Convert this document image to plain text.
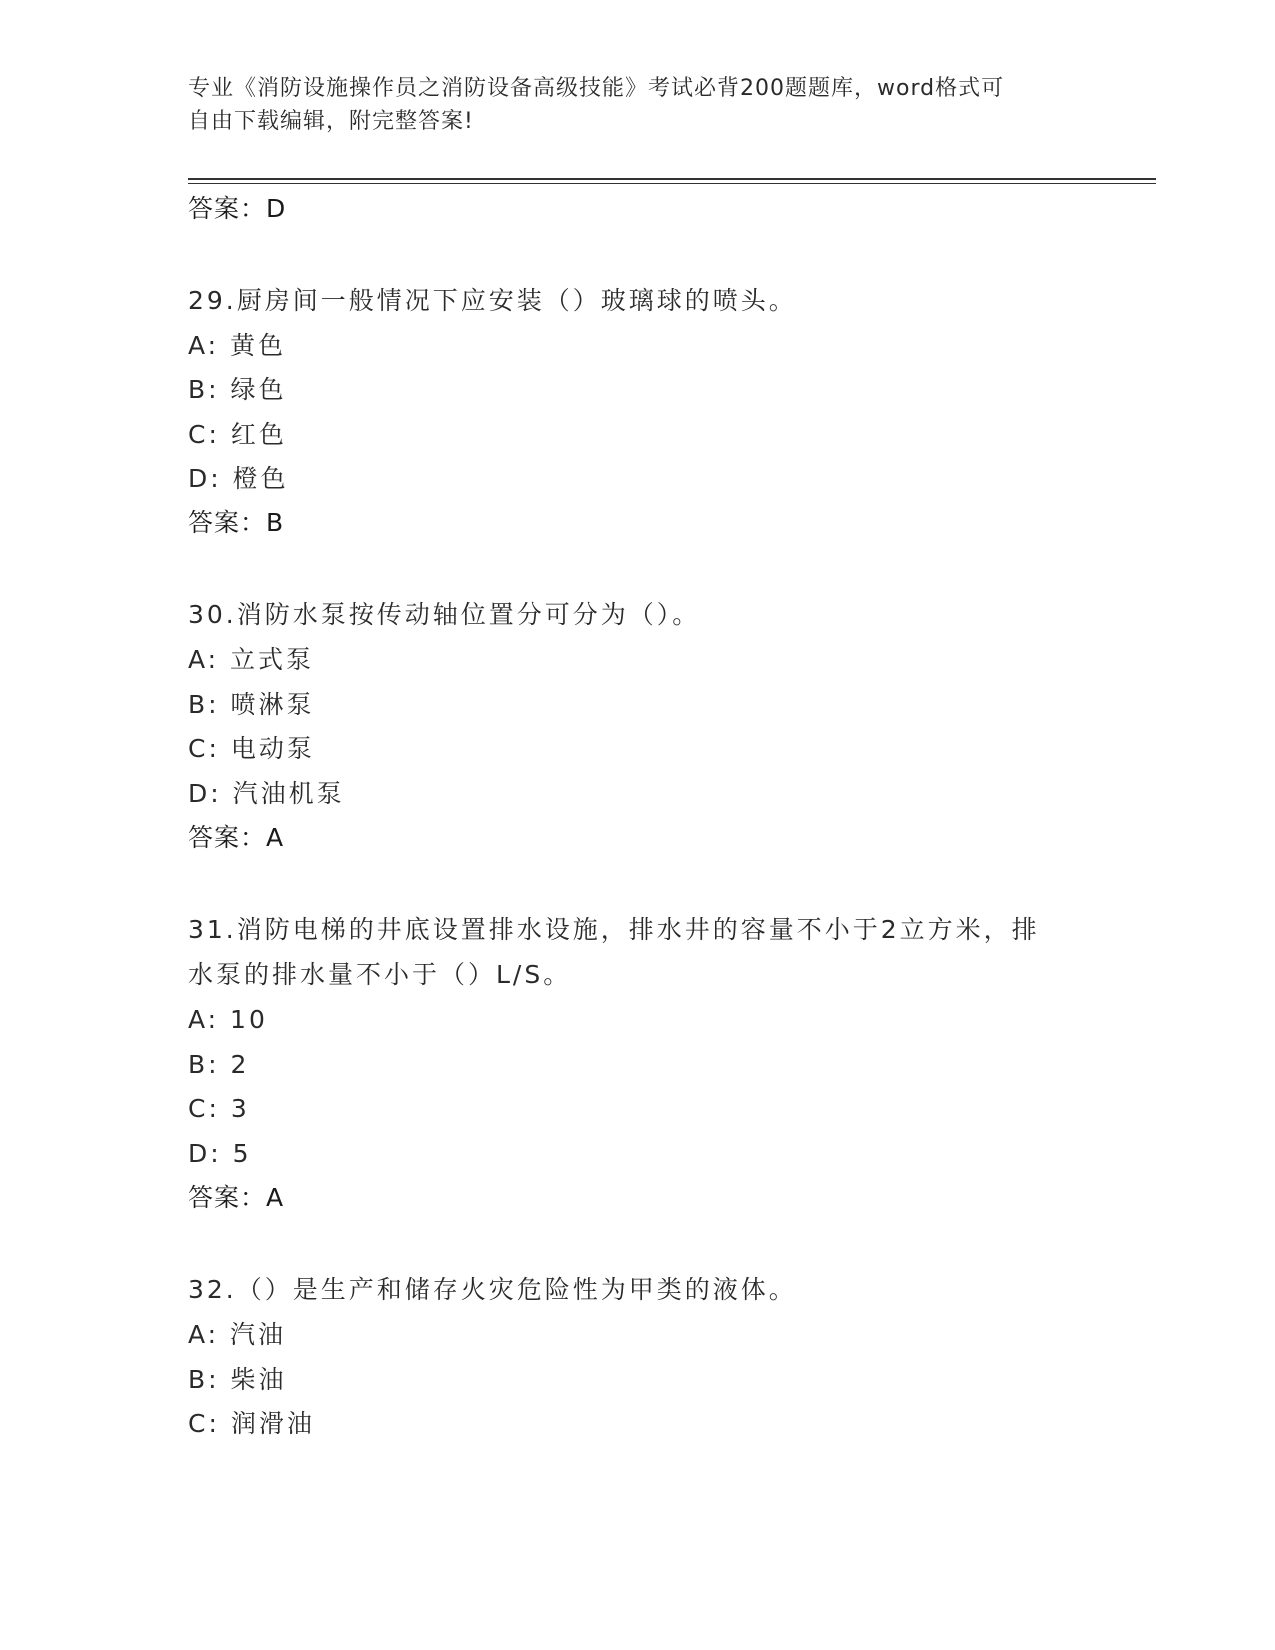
专业《消防设施操作员之消防设备高级技能》考试必背200题题库，word格式可
自由下载编辑，附完整答案!
答案：D
29.厨房间一般情况下应安装（）玻璃球的喷头。
A: 黄色
B: 绿色
C: 红色
D: 橙色
答案：B
30.消防水泵按传动轴位置分可分为（）。
A: 立式泵
B: 喷淋泵
C: 电动泵
D: 汽油机泵
答案：A
31.消防电梯的井底设置排水设施，排水井的容量不小于2立方米，排
水泵的排水量不小于（）L/S。
A: 10
B: 2
C: 3
D: 5
答案：A
32.（）是生产和储存火灾危险性为甲类的液体。
A: 汽油
B: 柴油
C: 润滑油
